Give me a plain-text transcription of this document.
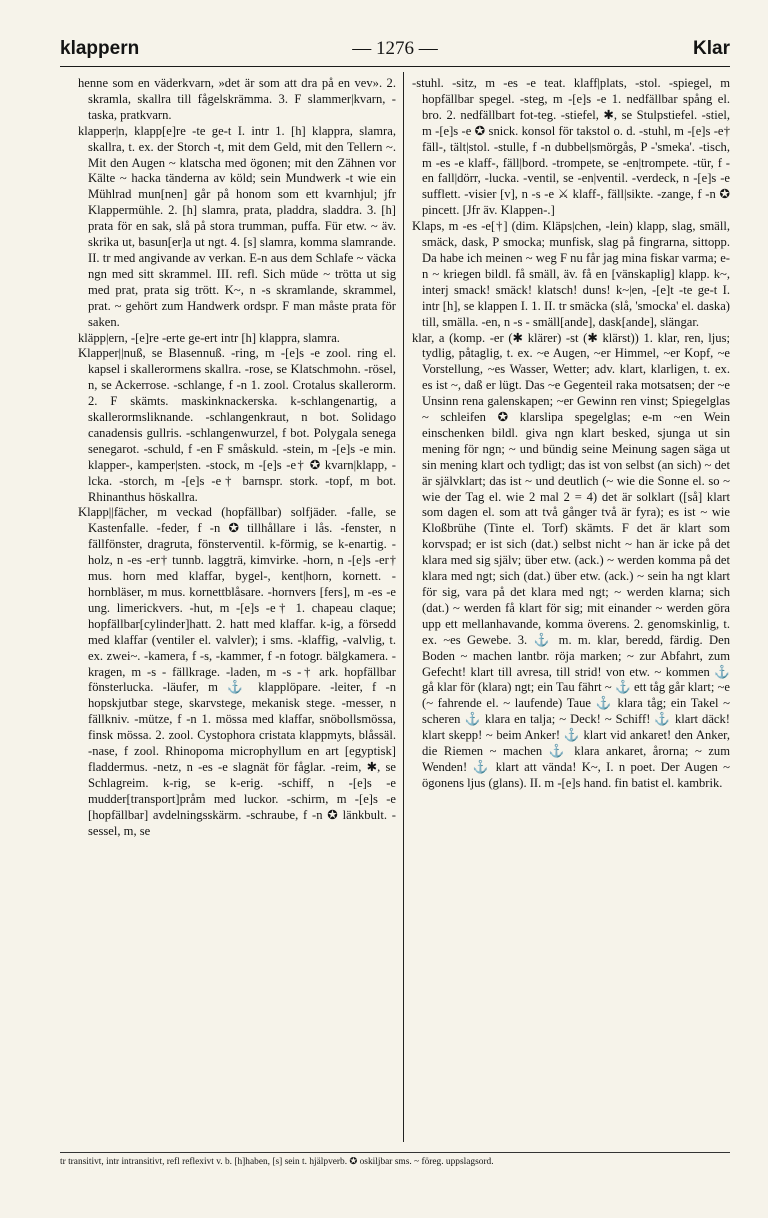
klappern	— 1276 —	Klar

henne som en väderkvarn, »det är som att dra på en vev». 2. skramla, skallra till fågelskrämma. 3. F slammer|kvarn, -taska, pratkvarn.

klapper|n, klapp[e]re -te ge-t I. intr 1. [h] klappra, slamra, skallra, t. ex. der Storch -t, mit dem Geld, mit den Tellern ~. Mit den Augen ~ klatscha med ögonen; mit den Zähnen vor Kälte ~ hacka tänderna av köld; sein Mundwerk -t wie ein Mühlrad mun[nen] går på honom som ett kvarnhjul; jfr Klappermühle. 2. [h] slamra, prata, pladdra, sladdra. 3. [h] prata för en sak, slå på stora trumman, puffa. Für etw. ~ äv. skrika ut, basun[er]a ut ngt. 4. [s] slamra, komma slamrande. II. tr med angivande av verkan. E-n aus dem Schlafe ~ väcka ngn med sitt skrammel. III. refl. Sich müde ~ trötta ut sig med prat, prata sig trött. K~, n -s skramlande, skrammel, prat. ~ gehört zum Handwerk ordspr. F man måste prata för saken.

kläpp|ern, -[e]re -erte ge-ert intr [h] klappra, slamra.

Klapper||nuß, se Blasennuß. -ring, m -[e]s -e zool. ring el. kapsel i skallerormens skallra. -rose, se Klatschmohn. -rösel, n, se Ackerrose. -schlange, f -n 1. zool. Crotalus skallerorm. 2. F skämts. maskinknackerska. k-schlangenartig, a skallerormsliknande. -schlangenkraut, n bot. Solidago canadensis gullris. -schlangenwurzel, f bot. Polygala senega senegarot. -schuld, f -en F småskuld. -stein, m -[e]s -e min. klapper-, kamper|sten. -stock, m -[e]s -e† ✪ kvarn|klapp, -lcka. -storch, m -[e]s -e† barnspr. stork. -topf, m bot. Rhinanthus höskallra.

Klapp||fächer, m veckad (hopfällbar) solfjäder. -falle, se Kastenfalle. -feder, f -n ✪ tillhållare i lås. -fenster, n fällfönster, dragruta, fönsterventil. k-förmig, se k-enartig. -holz, n -es -er† tunnb. laggträ, kimvirke. -horn, n -[e]s -er† mus. horn med klaffar, bygel-, kent|horn, kornett. -hornbläser, m mus. kornettblåsare. -hornvers [fers], m -es -e ung. limerickvers. -hut, m -[e]s -e† 1. chapeau claque; hopfällbar[cylinder]hatt. 2. hatt med klaffar. k-ig, a försedd med klaffar (ventiler el. valvler); i sms. -klaffig, -valvlig, t. ex. zwei~. -kamera, f -s, -kammer, f -n fotogr. bälgkamera. -kragen, m -s - fällkrage. -laden, m -s -† ark. hopfällbar fönsterlucka. -läufer, m ⚓ klapplöpare. -leiter, f -n hopskjutbar stege, skarvstege, mekanisk stege. -messer, n fällkniv. -mütze, f -n 1. mössa med klaffar, snöbollsmössa, finsk mössa. 2. zool. Cystophora cristata klappmyts, blåssäl. -nase, f zool. Rhinopoma microphyllum en art [egyptisk] fladdermus. -netz, n -es -e slagnät för fåglar. -reim, ✱, se Schlagreim. k-rig, se k-erig. -schiff, n -[e]s -e mudder[transport]pråm med luckor. -schirm, m -[e]s -e [hopfällbar] avdelningsskärm. -schraube, f -n ✪ länkbult. -sessel, m, se

-stuhl. -sitz, m -es -e teat. klaff|plats, -stol. -spiegel, m hopfällbar spegel. -steg, m -[e]s -e 1. nedfällbar spång el. bro. 2. nedfällbart fot-teg. -stiefel, ✱, se Stulpstiefel. -stiel, m -[e]s -e ✪ snick. konsol för takstol o. d. -stuhl, m -[e]s -e† fäll-, tält|stol. -stulle, f -n dubbel|smörgås, P -'smeka'. -tisch, m -es -e klaff-, fäll|bord. -trompete, se -en|trompete. -tür, f -en fall|dörr, -lucka. -ventil, se -en|ventil. -verdeck, n -[e]s -e sufflett. -visier [v], n -s -e ⚔ klaff-, fäll|sikte. -zange, f -n ✪ pincett. [Jfr äv. Klappen-.]

Klaps, m -es -e[†] (dim. Kläps|chen, -lein) klapp, slag, smäll, smäck, dask, P smocka; munfisk, slag på fingrarna, sittopp. Da habe ich meinen ~ weg F nu får jag mina fiskar varma; e-n ~ kriegen bildl. få smäll, äv. få en [vänskaplig] klapp. k~, interj smack! smäck! klatsch! duns! k~|en, -[e]t -te ge-t I. intr [h], se klappen I. 1. II. tr smäcka (slå, 'smocka' el. daska) till, smälla. -en, n -s - smäll[ande], dask[ande], slängar.

klar, a (komp. -er (✱ klärer) -st (✱ klärst)) 1. klar, ren, ljus; tydlig, påtaglig, t. ex. ~e Augen, ~er Himmel, ~er Kopf, ~e Vorstellung, ~es Wasser, Wetter; adv. klart, klarligen, t. ex. es ist ~, daß er lügt. Das ~e Gegenteil raka motsatsen; der ~e Unsinn rena galenskapen; ~er Gewinn ren vinst; Spiegelglas ~ schleifen ✪ klarslipa spegelglas; e-m ~en Wein einschenken bildl. giva ngn klart besked, sjunga ut sin mening för ngn; ~ und bündig seine Meinung sagen säga ut sin mening klart och tydligt; das ist von selbst (an sich) ~ det är självklart; das ist ~ und deutlich (~ wie die Sonne el. so ~ wie der Tag el. wie 2 mal 2 = 4) det är solklart ([så] klart som dagen el. som att två gånger två är fyra); es ist ~ wie Kloßbrühe (Tinte el. Torf) skämts. F det är klart som korvspad; er ist sich (dat.) selbst nicht ~ han är icke på det klara med sig själv; über etw. (ack.) ~ werden komma på det klara med ngt; sich (dat.) über etw. (ack.) ~ sein ha ngt klart för sig, vara på det klara med ngt; ~ werden klarna; sich (dat.) ~ werden få klart för sig; mit einander ~ werden göra upp ett mellanhavande, komma överens. 2. genomskinlig, t. ex. ~es Gewebe. 3. ⚓ m. m. klar, beredd, färdig. Den Boden ~ machen lantbr. röja marken; ~ zur Abfahrt, zum Gefecht! klart till avresa, till strid! von etw. ~ kommen ⚓ gå klar för (klara) ngt; ein Tau fährt ~ ⚓ ett tåg går klart; ~e (~ fahrende el. ~ laufende) Taue ⚓ klara tåg; ein Takel ~ scheren ⚓ klara en talja; ~ Deck! ~ Schiff! ⚓ klart däck! klart skepp! ~ beim Anker! ⚓ klart vid ankaret! den Anker, die Riemen ~ machen ⚓ klara ankaret, årorna; ~ zum Wenden! ⚓ klart att vända! K~, I. n poet. Der Augen ~ ögonens ljus (glans). II. m -[e]s hand. fin batist el. kambrik.

tr transitivt, intr intransitivt, refl reflexivt v. b. [h]haben, [s] sein t. hjälpverb. ✪ oskiljbar sms. ~ föreg. uppslagsord.
